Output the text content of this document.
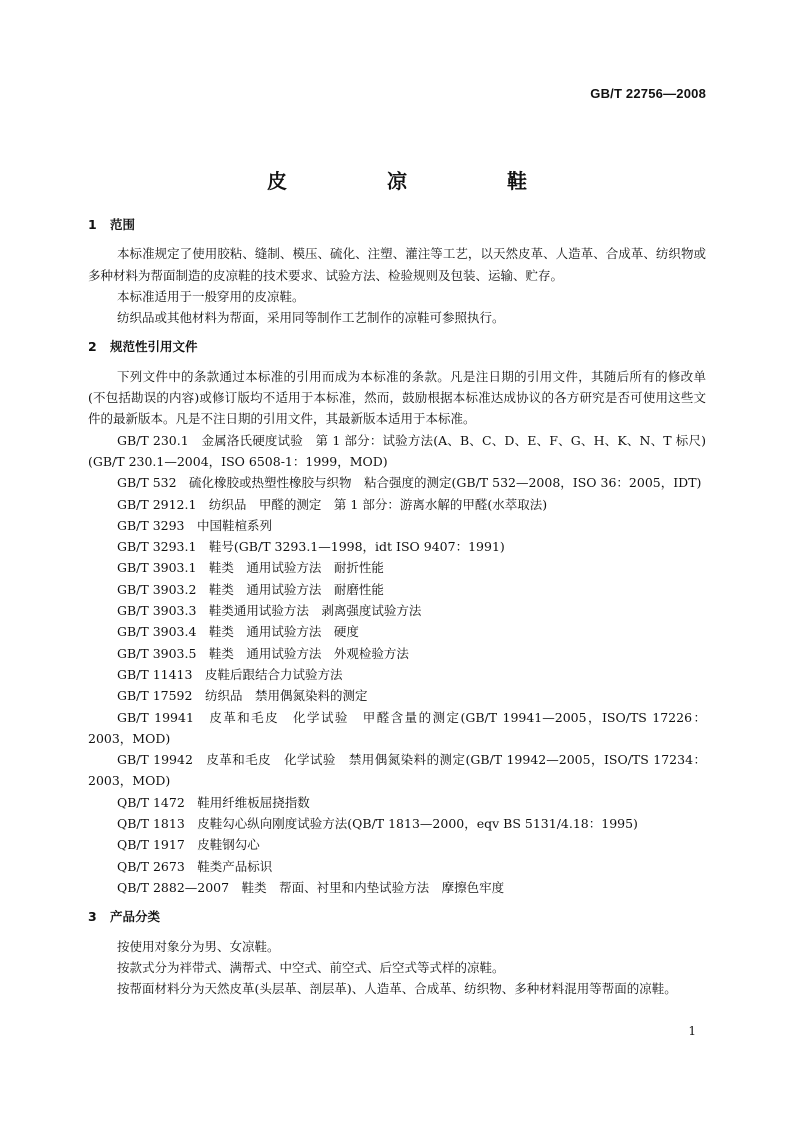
GB/T 22756—2008
皮　凉　鞋

1 范围

本标准规定了使用胶粘、缝制、模压、硫化、注塑、灌注等工艺，以天然皮革、人造革、合成革、纺织物或多种材料为帮面制造的皮凉鞋的技术要求、试验方法、检验规则及包装、运输、贮存。

本标准适用于一般穿用的皮凉鞋。

纺织品或其他材料为帮面，采用同等制作工艺制作的凉鞋可参照执行。

2 规范性引用文件

下列文件中的条款通过本标准的引用而成为本标准的条款。凡是注日期的引用文件，其随后所有的修改单(不包括勘误的内容)或修订版均不适用于本标准，然而，鼓励根据本标准达成协议的各方研究是否可使用这些文件的最新版本。凡是不注日期的引用文件，其最新版本适用于本标准。

GB/T 230.1　金属洛氏硬度试验　第 1 部分：试验方法(A、B、C、D、E、F、G、H、K、N、T 标尺)(GB/T 230.1—2004，ISO 6508-1：1999，MOD)

GB/T 532　硫化橡胶或热塑性橡胶与织物　粘合强度的测定(GB/T 532—2008，ISO 36：2005，IDT)

GB/T 2912.1　纺织品　甲醛的测定　第 1 部分：游离水解的甲醛(水萃取法)

GB/T 3293　中国鞋楦系列

GB/T 3293.1　鞋号(GB/T 3293.1—1998，idt ISO 9407：1991)

GB/T 3903.1　鞋类　通用试验方法　耐折性能

GB/T 3903.2　鞋类　通用试验方法　耐磨性能

GB/T 3903.3　鞋类通用试验方法　剥离强度试验方法

GB/T 3903.4　鞋类　通用试验方法　硬度

GB/T 3903.5　鞋类　通用试验方法　外观检验方法

GB/T 11413　皮鞋后跟结合力试验方法

GB/T 17592　纺织品　禁用偶氮染料的测定

GB/T 19941　皮革和毛皮　化学试验　甲醛含量的测定(GB/T 19941—2005，ISO/TS 17226：2003，MOD)

GB/T 19942　皮革和毛皮　化学试验　禁用偶氮染料的测定(GB/T 19942—2005，ISO/TS 17234：2003，MOD)

QB/T 1472　鞋用纤维板屈挠指数

QB/T 1813　皮鞋勾心纵向刚度试验方法(QB/T 1813—2000，eqv BS 5131/4.18：1995)

QB/T 1917　皮鞋钢勾心

QB/T 2673　鞋类产品标识

QB/T 2882—2007　鞋类　帮面、衬里和内垫试验方法　摩擦色牢度

3 产品分类

按使用对象分为男、女凉鞋。

按款式分为袢带式、满帮式、中空式、前空式、后空式等式样的凉鞋。

按帮面材料分为天然皮革(头层革、剖层革)、人造革、合成革、纺织物、多种材料混用等帮面的凉鞋。

1
